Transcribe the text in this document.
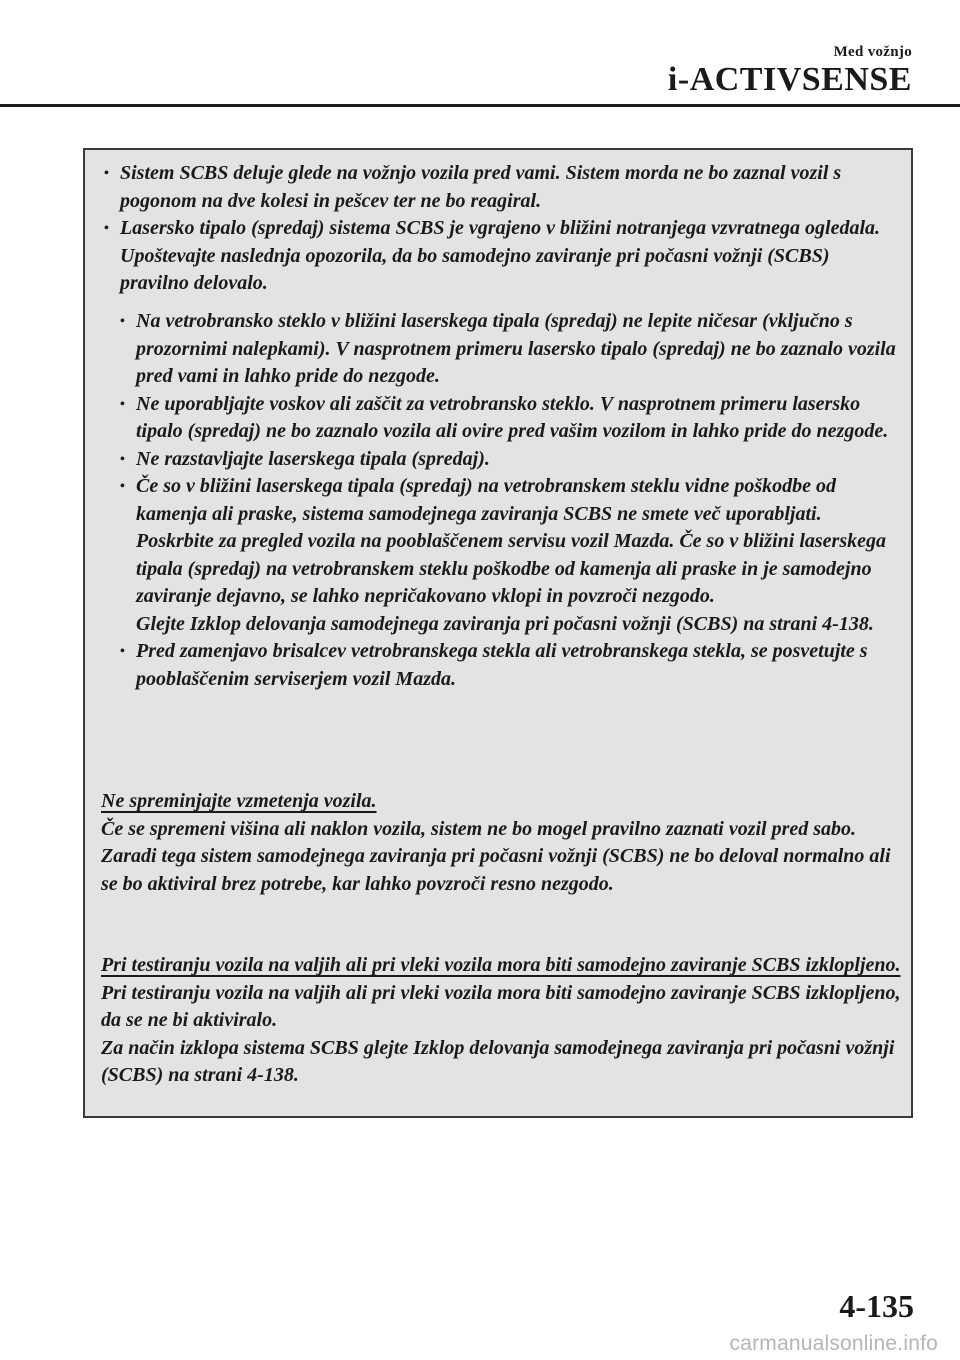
Med vožnjo
i-ACTIVSENSE
• Sistem SCBS deluje glede na vožnjo vozila pred vami. Sistem morda ne bo zaznal vozil s pogonom na dve kolesi in pešcev ter ne bo reagiral.
• Lasersko tipalo (spredaj) sistema SCBS je vgrajeno v bližini notranjega vzvratnega ogledala. Upoštevajte naslednja opozorila, da bo samodejno zaviranje pri počasni vožnji (SCBS) pravilno delovalo.
• Na vetrobransko steklo v bližini laserskega tipala (spredaj) ne lepite ničesar (vključno s prozornimi nalepkami). V nasprotnem primeru lasersko tipalo (spredaj) ne bo zaznalo vozila pred vami in lahko pride do nezgode.
• Ne uporabljajte voskov ali zaščit za vetrobransko steklo. V nasprotnem primeru lasersko tipalo (spredaj) ne bo zaznalo vozila ali ovire pred vašim vozilom in lahko pride do nezgode.
• Ne razstavljajte laserskega tipala (spredaj).
• Če so v bližini laserskega tipala (spredaj) na vetrobranskem steklu vidne poškodbe od kamenja ali praske, sistema samodejnega zaviranja SCBS ne smete več uporabljati. Poskrbite za pregled vozila na pooblaščenem servisu vozil Mazda. Če so v bližini laserskega tipala (spredaj) na vetrobranskem steklu poškodbe od kamenja ali praske in je samodejno zaviranje dejavno, se lahko nepričakovano vklopi in povzroči nezgodo.
Glejte Izklop delovanja samodejnega zaviranja pri počasni vožnji (SCBS) na strani 4-138.
• Pred zamenjavo brisalcev vetrobranskega stekla ali vetrobranskega stekla, se posvetujte s pooblaščenim serviserjem vozil Mazda.
Ne spreminjajte vzmetenja vozila.
Če se spremeni višina ali naklon vozila, sistem ne bo mogel pravilno zaznati vozil pred sabo. Zaradi tega sistem samodejnega zaviranja pri počasni vožnji (SCBS) ne bo deloval normalno ali se bo aktiviral brez potrebe, kar lahko povzroči resno nezgodo.
Pri testiranju vozila na valjih ali pri vleki vozila mora biti samodejno zaviranje SCBS izklopljeno.
Pri testiranju vozila na valjih ali pri vleki vozila mora biti samodejno zaviranje SCBS izklopljeno, da se ne bi aktiviralo.
Za način izklopa sistema SCBS glejte Izklop delovanja samodejnega zaviranja pri počasni vožnji (SCBS) na strani 4-138.
4-135
carmanualsonline.info
